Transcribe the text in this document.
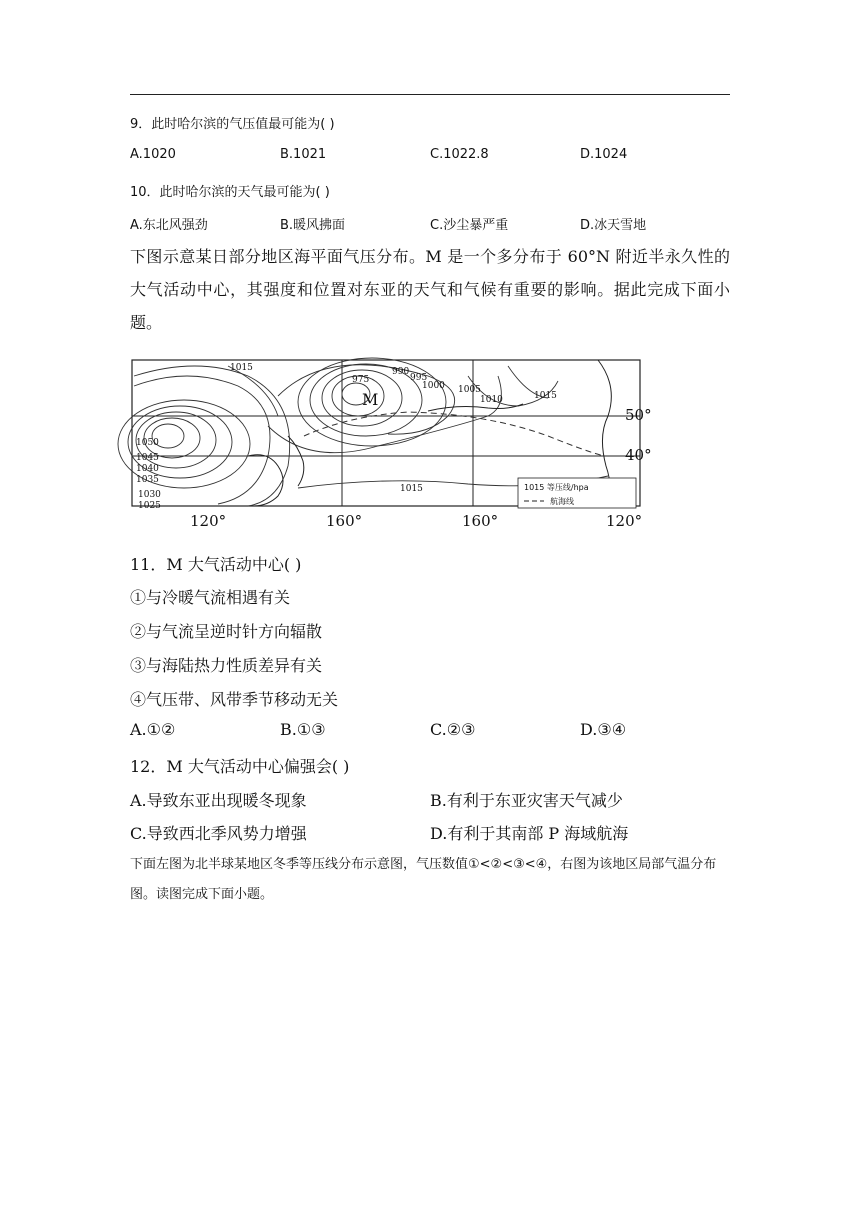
9．此时哈尔滨的气压值最可能为( )
A.1020	B.1021	C.1022.8	D.1024
10．此时哈尔滨的天气最可能为( )
A.东北风强劲	B.暖风拂面	C.沙尘暴严重	D.冰天雪地
下图示意某日部分地区海平面气压分布。M 是一个多分布于 60°N 附近半永久性的大气活动中心，其强度和位置对东亚的天气和气候有重要的影响。据此完成下面小题。
1015
975
990
995
1000 1005
1010	1015
1050
1045
1040
1035
1030
1025
1015
M
50°
40°
120°	160°	160°	120°
1015 等压线/hpa
航海线
11．M 大气活动中心( )
①与冷暖气流相遇有关
②与气流呈逆时针方向辐散
③与海陆热力性质差异有关
④气压带、风带季节移动无关
A.①②	B.①③	C.②③	D.③④
12．M 大气活动中心偏强会( )
A.导致东亚出现暖冬现象	B.有利于东亚灾害天气减少
C.导致西北季风势力增强	D.有利于其南部 P 海域航海
下面左图为北半球某地区冬季等压线分布示意图，气压数值①<②<③<④，右图为该地区局部气温分布图。读图完成下面小题。
